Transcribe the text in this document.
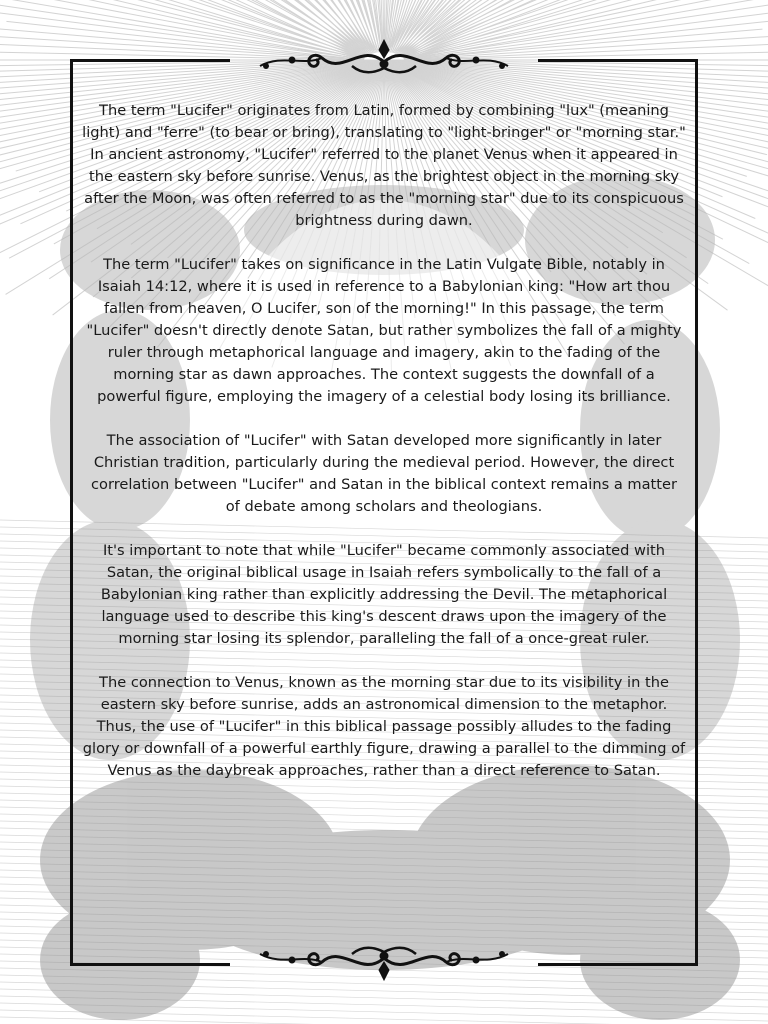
The term "Lucifer" originates from Latin, formed by combining "lux" (meaning light) and "ferre" (to bear or bring), translating to "light-bringer" or "morning star." In ancient astronomy, "Lucifer" referred to the planet Venus when it appeared in the eastern sky before sunrise. Venus, as the brightest object in the morning sky after the Moon, was often referred to as the "morning star" due to its conspicuous brightness during dawn.

The term "Lucifer" takes on significance in the Latin Vulgate Bible, notably in Isaiah 14:12, where it is used in reference to a Babylonian king: "How art thou fallen from heaven, O Lucifer, son of the morning!" In this passage, the term "Lucifer" doesn't directly denote Satan, but rather symbolizes the fall of a mighty ruler through metaphorical language and imagery, akin to the fading of the morning star as dawn approaches. The context suggests the downfall of a powerful figure, employing the imagery of a celestial body losing its brilliance.

The association of "Lucifer" with Satan developed more significantly in later Christian tradition, particularly during the medieval period. However, the direct correlation between "Lucifer" and Satan in the biblical context remains a matter of debate among scholars and theologians.

It's important to note that while "Lucifer" became commonly associated with Satan, the original biblical usage in Isaiah refers symbolically to the fall of a Babylonian king rather than explicitly addressing the Devil. The metaphorical language used to describe this king's descent draws upon the imagery of the morning star losing its splendor, paralleling the fall of a once-great ruler.

The connection to Venus, known as the morning star due to its visibility in the eastern sky before sunrise, adds an astronomical dimension to the metaphor. Thus, the use of "Lucifer" in this biblical passage possibly alludes to the fading glory or downfall of a powerful earthly figure, drawing a parallel to the dimming of Venus as the daybreak approaches, rather than a direct reference to Satan.
